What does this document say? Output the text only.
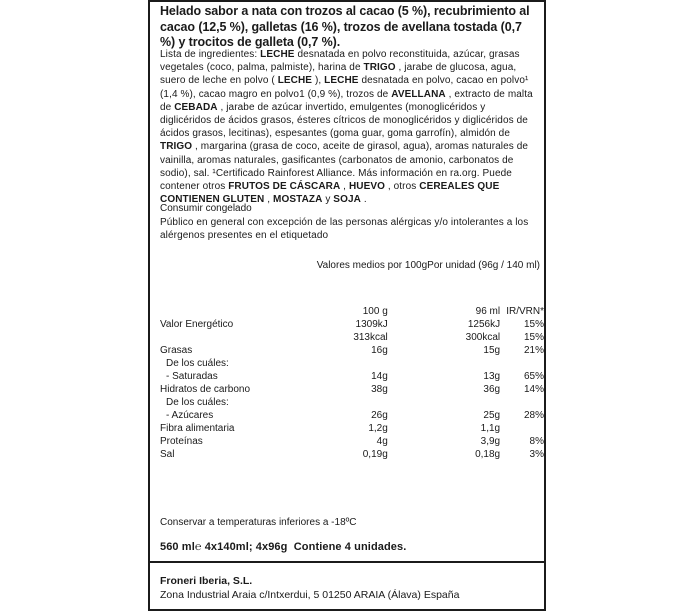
Helado sabor a nata con trozos al cacao (5 %), recubrimiento al cacao (12,5 %), galletas (16 %), trozos de avellana tostada (0,7 %) y trocitos de galleta (0,7 %).
Lista de ingredientes: LECHE desnatada en polvo reconstituida, azúcar, grasas vegetales (coco, palma, palmiste), harina de TRIGO , jarabe de glucosa, agua, suero de leche en polvo ( LECHE ), LECHE desnatada en polvo, cacao en polvo¹ (1,4 %), cacao magro en polvo1 (0,9 %), trozos de AVELLANA , extracto de malta de CEBADA , jarabe de azúcar invertido, emulgentes (monoglicéridos y diglicéridos de ácidos grasos, ésteres cítricos de monoglicéridos y diglicéridos de ácidos grasos, lecitinas), espesantes (goma guar, goma garrofín), almidón de TRIGO , margarina (grasa de coco, aceite de girasol, agua), aromas naturales de vainilla, aromas naturales, gasificantes (carbonatos de amonio, carbonatos de sodio), sal. ¹Certificado Rainforest Alliance. Más información en ra.org. Puede contener otros FRUTOS DE CÁSCARA , HUEVO , otros CEREALES QUE CONTIENEN GLUTEN , MOSTAZA y SOJA .
Consumir congelado
Público en general con excepción de las personas alérgicas y/o intolerantes a los alérgenos presentes en el etiquetado
Valores medios por 100gPor unidad (96g / 140 ml)
	100 g	96 ml	IR/VRN*
Valor Energético	1309kJ	1256kJ	15%
	313kcal	300kcal	15%
Grasas	16g	15g	21%
De los cuáles:			
- Saturadas	14g	13g	65%
Hidratos de carbono	38g	36g	14%
De los cuáles:			
- Azúcares	26g	25g	28%
Fibra alimentaria	1,2g	1,1g	
Proteínas	4g	3,9g	8%
Sal	0,19g	0,18g	3%
Conservar a temperaturas inferiores a -18ºC
560 ml℮ 4x140ml; 4x96g  Contiene 4 unidades.
Froneri Iberia, S.L.
Zona Industrial Araia c/Intxerdui, 5 01250 ARAIA (Álava) España
